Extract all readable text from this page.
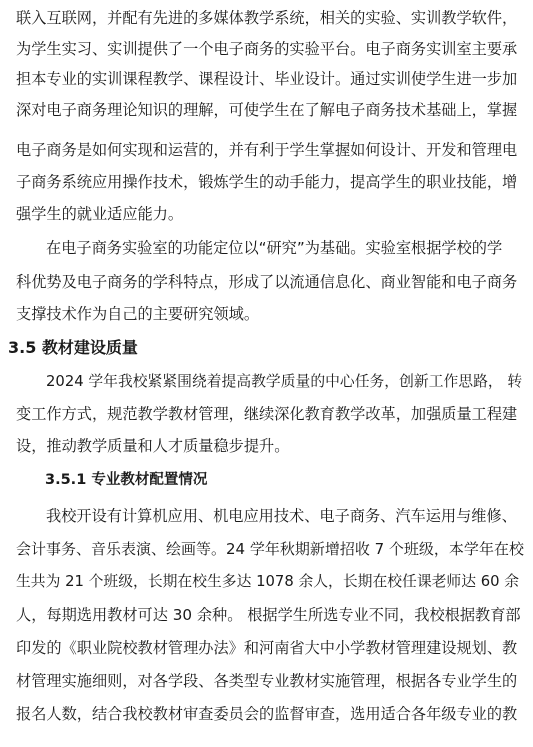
联入互联网，并配有先进的多媒体教学系统，相关的实验、实训教学软件，
为学生实习、实训提供了一个电子商务的实验平台。电子商务实训室主要承
担本专业的实训课程教学、课程设计、毕业设计。通过实训使学生进一步加
深对电子商务理论知识的理解，可使学生在了解电子商务技术基础上，掌握
电子商务是如何实现和运营的，并有利于学生掌握如何设计、开发和管理电
子商务系统应用操作技术，锻炼学生的动手能力，提高学生的职业技能，增
强学生的就业适应能力。
在电子商务实验室的功能定位以“研究”为基础。实验室根据学校的学
科优势及电子商务的学科特点，形成了以流通信息化、商业智能和电子商务
支撑技术作为自己的主要研究领域。
3.5 教材建设质量
2024 学年我校紧紧围绕着提高教学质量的中心任务，创新工作思路， 转
变工作方式，规范教学教材管理，继续深化教育教学改革，加强质量工程建
设，推动教学质量和人才质量稳步提升。
3.5.1 专业教材配置情况
我校开设有计算机应用、机电应用技术、电子商务、汽车运用与维修、
会计事务、音乐表演、绘画等。24 学年秋期新增招收 7 个班级，本学年在校
生共为 21 个班级，长期在校生多达 1078 余人，长期在校任课老师达 60 余
人，每期选用教材可达 30 余种。 根据学生所选专业不同，我校根据教育部
印发的《职业院校教材管理办法》和河南省大中小学教材管理建设规划、教
材管理实施细则，对各学段、各类型专业教材实施管理，根据各专业学生的
报名人数，结合我校教材审查委员会的监督审查，选用适合各年级专业的教
